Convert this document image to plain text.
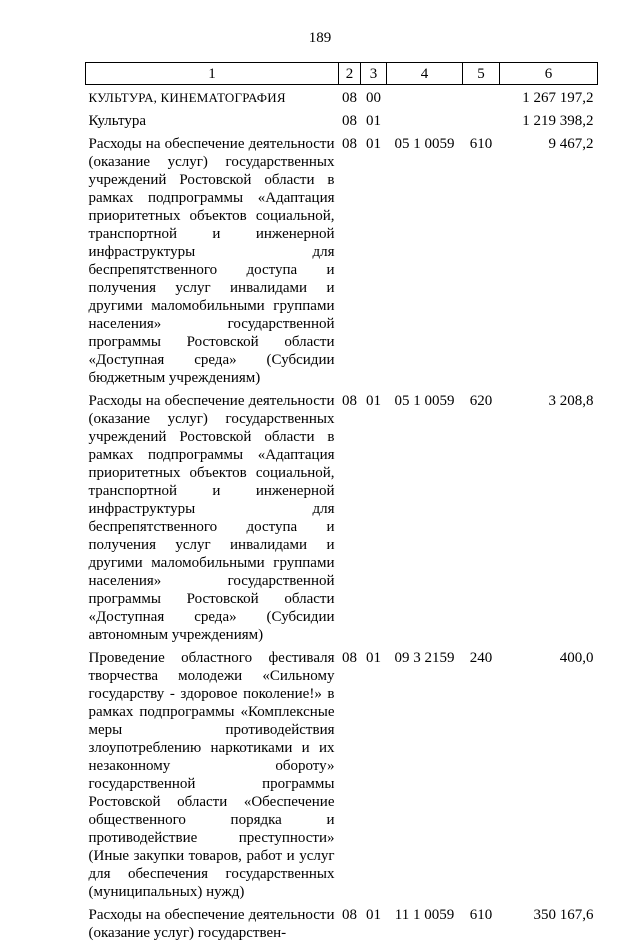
189
1	2	3	4	5	6
КУЛЬТУРА, КИНЕМАТОГРАФИЯ	08	00			1 267 197,2
Культура	08	01			1 219 398,2
Расходы на обеспечение деятельности (оказание услуг) государственных учреждений Ростовской области в рамках подпрограммы «Адаптация приоритетных объектов социальной, транспортной и инженерной инфраструктуры для беспрепятственного доступа и получения услуг инвалидами и другими маломобильными группами населения» государственной программы Ростовской области «Доступная среда» (Субсидии бюджетным учреждениям)	08	01	05 1 0059	610	9 467,2
Расходы на обеспечение деятельности (оказание услуг) государственных учреждений Ростовской области в рамках подпрограммы «Адаптация приоритетных объектов социальной, транспортной и инженерной инфраструктуры для беспрепятственного доступа и получения услуг инвалидами и другими маломобильными группами населения» государственной программы Ростовской области «Доступная среда» (Субсидии автономным учреждениям)	08	01	05 1 0059	620	3 208,8
Проведение областного фестиваля творчества молодежи «Сильному государству - здоровое поколение!» в рамках подпрограммы «Комплексные меры противодействия злоупотреблению наркотиками и их незаконному обороту» государственной программы Ростовской области «Обеспечение общественного порядка и противодействие преступности» (Иные закупки товаров, работ и услуг для обеспечения государственных (муниципальных) нужд)	08	01	09 3 2159	240	400,0
Расходы на обеспечение деятельности (оказание услуг) государствен-	08	01	11 1 0059	610	350 167,6
